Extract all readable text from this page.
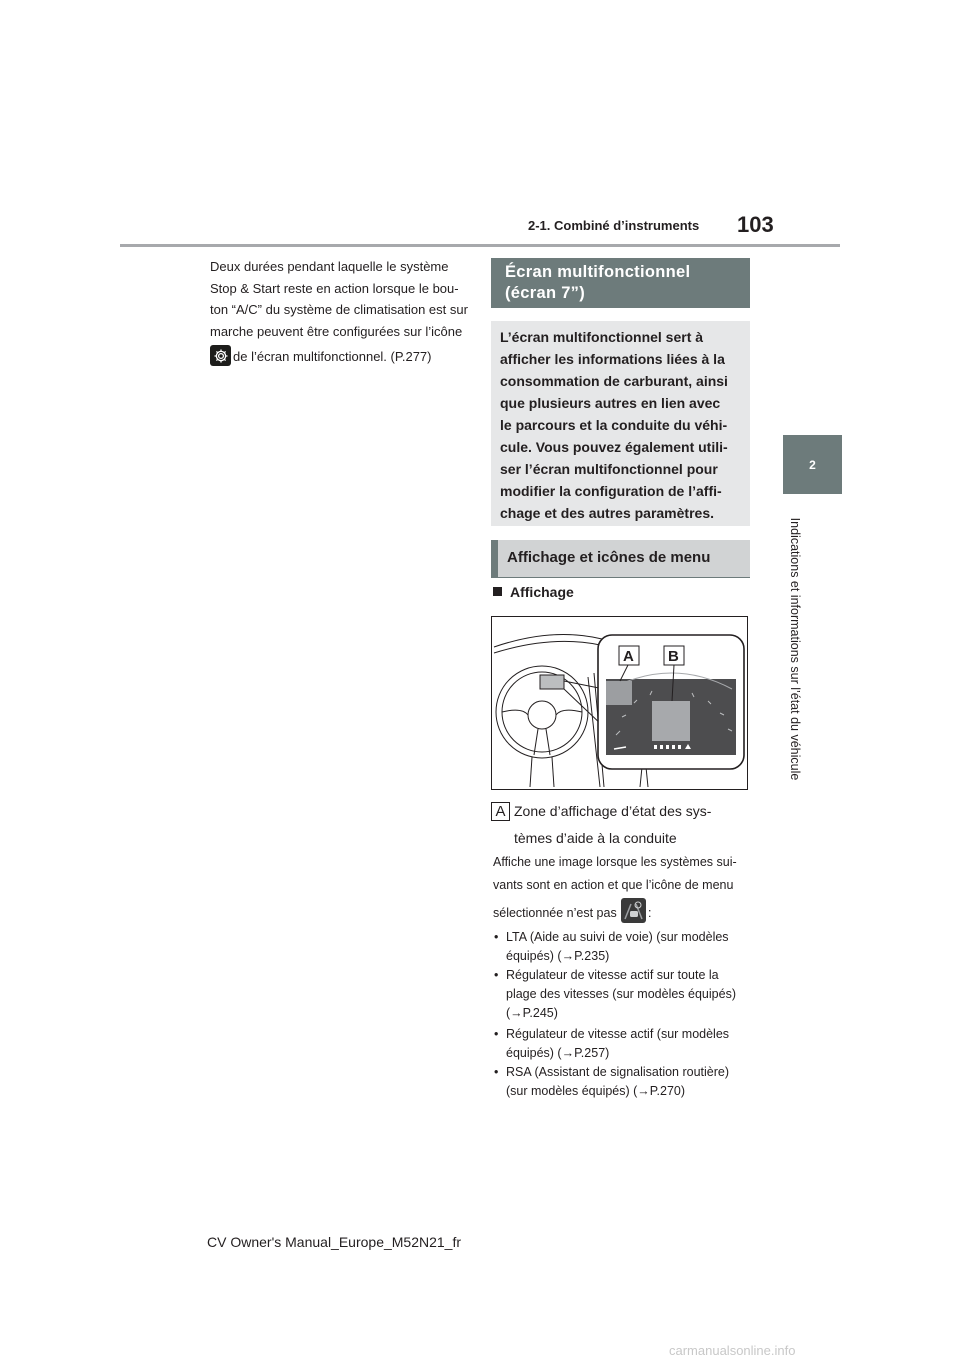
2-1. Combiné d’instruments 103
2
Indications et informations sur l’état du véhicule
Deux durées pendant laquelle le système
Stop & Start reste en action lorsque le bou-
ton “A/C” du système de climatisation est sur
marche peuvent être configurées sur l’icône
de l’écran multifonctionnel. (P.277)
Écran multifonctionnel
(écran 7”)
L’écran multifonctionnel sert à
afficher les informations liées à la
consommation de carburant, ainsi
que plusieurs autres en lien avec
le parcours et la conduite du véhi-
cule. Vous pouvez également utili-
ser l’écran multifonctionnel pour
modifier la configuration de l’affi-
chage et des autres paramètres.
Affichage et icônes de menu
Affichage
A B
A Zone d’affichage d’état des sys-
tèmes d’aide à la conduite
Affiche une image lorsque les systèmes sui-
vants sont en action et que l’icône de menu
sélectionnée n’est pas	:
• LTA (Aide au suivi de voie) (sur modèles
équipés) (→P.235)
• Régulateur de vitesse actif sur toute la
plage des vitesses (sur modèles équipés)
(→P.245)
• Régulateur de vitesse actif (sur modèles
équipés) (→P.257)
• RSA (Assistant de signalisation routière)
(sur modèles équipés) (→P.270)
CV Owner's Manual_Europe_M52N21_fr
carmanualsonline.info
